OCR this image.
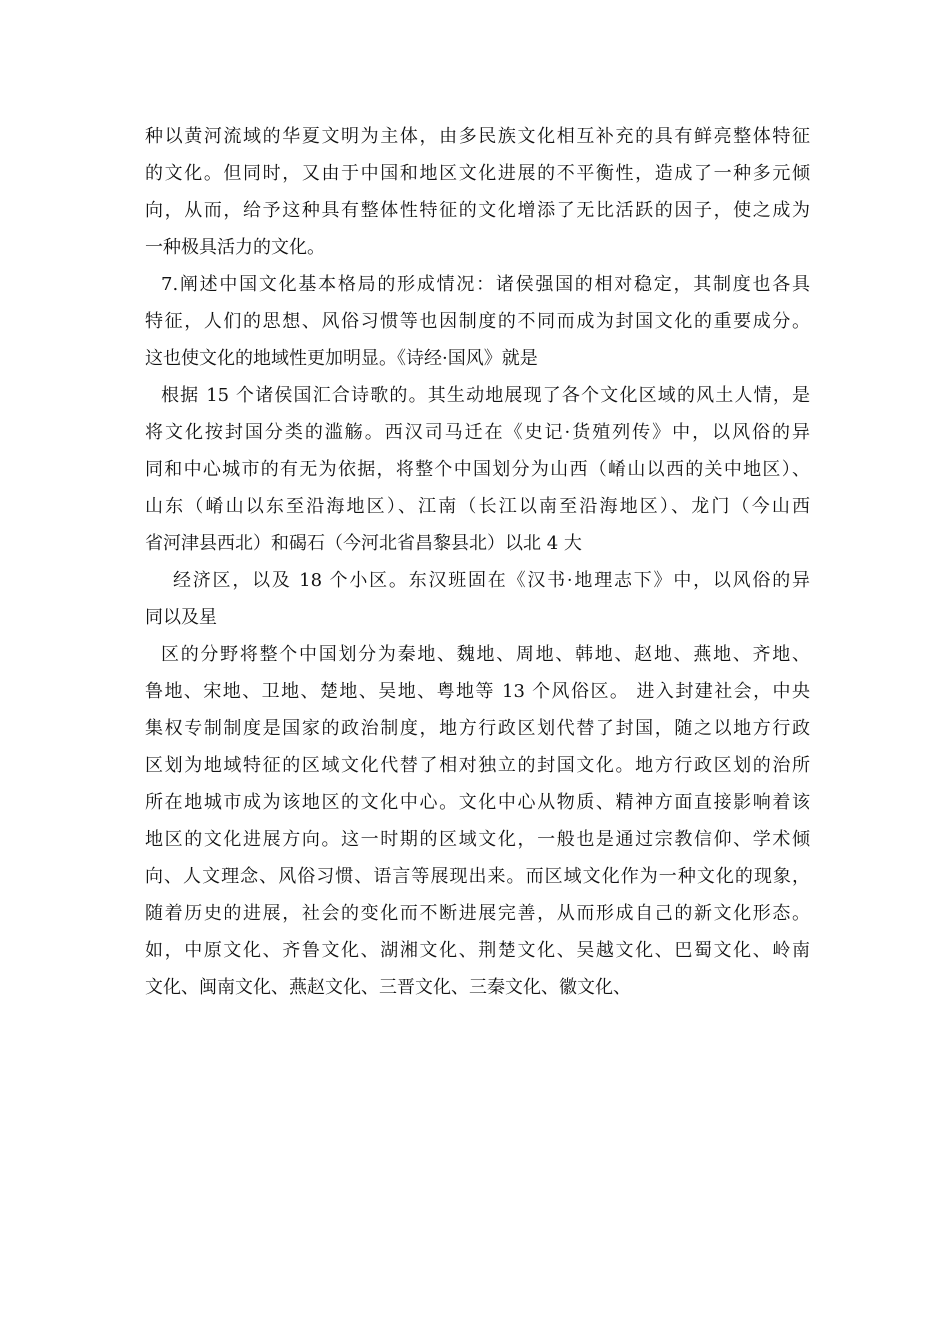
种以黄河流域的华夏文明为主体，由多民族文化相互补充的具有鲜亮整体特征
的文化。但同时，又由于中国和地区文化进展的不平衡性，造成了一种多元倾
向，从而，给予这种具有整体性特征的文化增添了无比活跃的因子，使之成为
一种极具活力的文化。
7.阐述中国文化基本格局的形成情况：诸侯强国的相对稳定，其制度也各具
特征，人们的思想、风俗习惯等也因制度的不同而成为封国文化的重要成分。
这也使文化的地域性更加明显。《诗经·国风》就是
根据 15 个诸侯国汇合诗歌的。其生动地展现了各个文化区域的风土人情，是
将文化按封国分类的滥觞。西汉司马迁在《史记·货殖列传》中，以风俗的异
同和中心城市的有无为依据，将整个中国划分为山西（崤山以西的关中地区）、
山东（崤山以东至沿海地区）、江南（长江以南至沿海地区）、龙门（今山西
省河津县西北）和碣石（今河北省昌黎县北）以北 4 大
经济区，以及 18 个小区。东汉班固在《汉书·地理志下》中，以风俗的异
同以及星
区的分野将整个中国划分为秦地、魏地、周地、韩地、赵地、燕地、齐地、
鲁地、宋地、卫地、楚地、吴地、粤地等 13 个风俗区。 进入封建社会，中央
集权专制制度是国家的政治制度，地方行政区划代替了封国，随之以地方行政
区划为地域特征的区域文化代替了相对独立的封国文化。地方行政区划的治所
所在地城市成为该地区的文化中心。文化中心从物质、精神方面直接影响着该
地区的文化进展方向。这一时期的区域文化，一般也是通过宗教信仰、学术倾
向、人文理念、风俗习惯、语言等展现出来。而区域文化作为一种文化的现象，
随着历史的进展，社会的变化而不断进展完善，从而形成自己的新文化形态。
如，中原文化、齐鲁文化、湖湘文化、荆楚文化、吴越文化、巴蜀文化、岭南
文化、闽南文化、燕赵文化、三晋文化、三秦文化、徽文化、
